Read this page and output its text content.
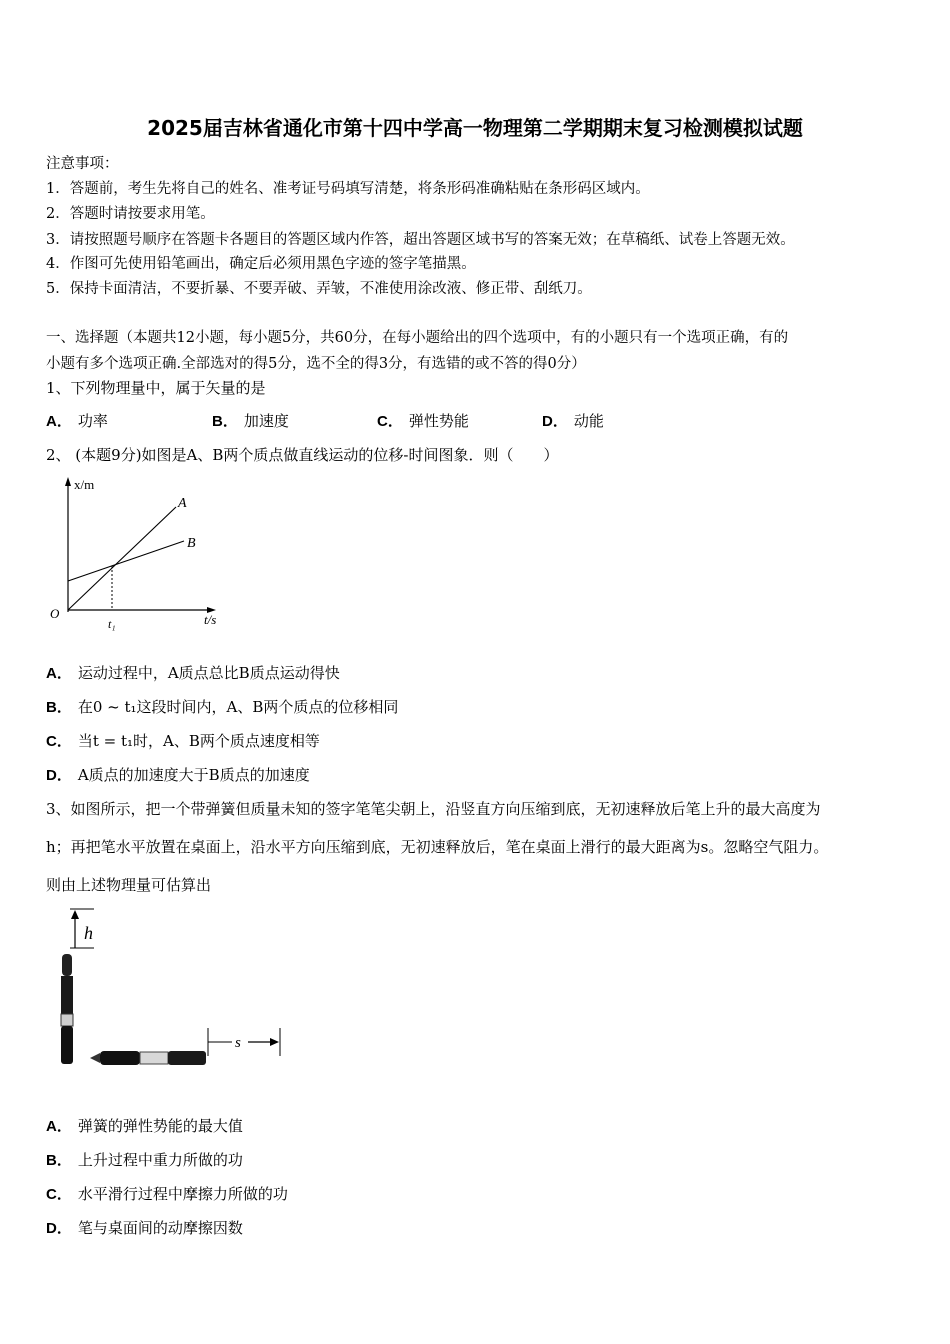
2025届吉林省通化市第十四中学高一物理第二学期期末复习检测模拟试题
注意事项：
1．答题前，考生先将自己的姓名、准考证号码填写清楚，将条形码准确粘贴在条形码区域内。
2．答题时请按要求用笔。
3．请按照题号顺序在答题卡各题目的答题区域内作答，超出答题区域书写的答案无效；在草稿纸、试卷上答题无效。
4．作图可先使用铅笔画出，确定后必须用黑色字迹的签字笔描黑。
5．保持卡面清洁，不要折暴、不要弄破、弄皱，不准使用涂改液、修正带、刮纸刀。
一、选择题（本题共12小题，每小题5分，共60分，在每小题给出的四个选项中，有的小题只有一个选项正确，有的
小题有多个选项正确.全部选对的得5分，选不全的得3分，有选错的或不答的得0分）
1、下列物理量中，属于矢量的是
A． 功率	B． 加速度	C． 弹性势能	D． 动能
2、 (本题9分)如图是A、B两个质点做直线运动的位移-时间图象．则（　　）
x/m
t/s
O
t₁
A
B
A． 运动过程中，A质点总比B质点运动得快
B． 在0 ~ t₁这段时间内，A、B两个质点的位移相同
C． 当t = t₁时，A、B两个质点速度相等
D． A质点的加速度大于B质点的加速度
3、如图所示，把一个带弹簧但质量未知的签字笔笔尖朝上，沿竖直方向压缩到底，无初速释放后笔上升的最大高度为
h；再把笔水平放置在桌面上，沿水平方向压缩到底，无初速释放后，笔在桌面上滑行的最大距离为s。忽略空气阻力。
则由上述物理量可估算出
h
s
A． 弹簧的弹性势能的最大值
B． 上升过程中重力所做的功
C． 水平滑行过程中摩擦力所做的功
D． 笔与桌面间的动摩擦因数
